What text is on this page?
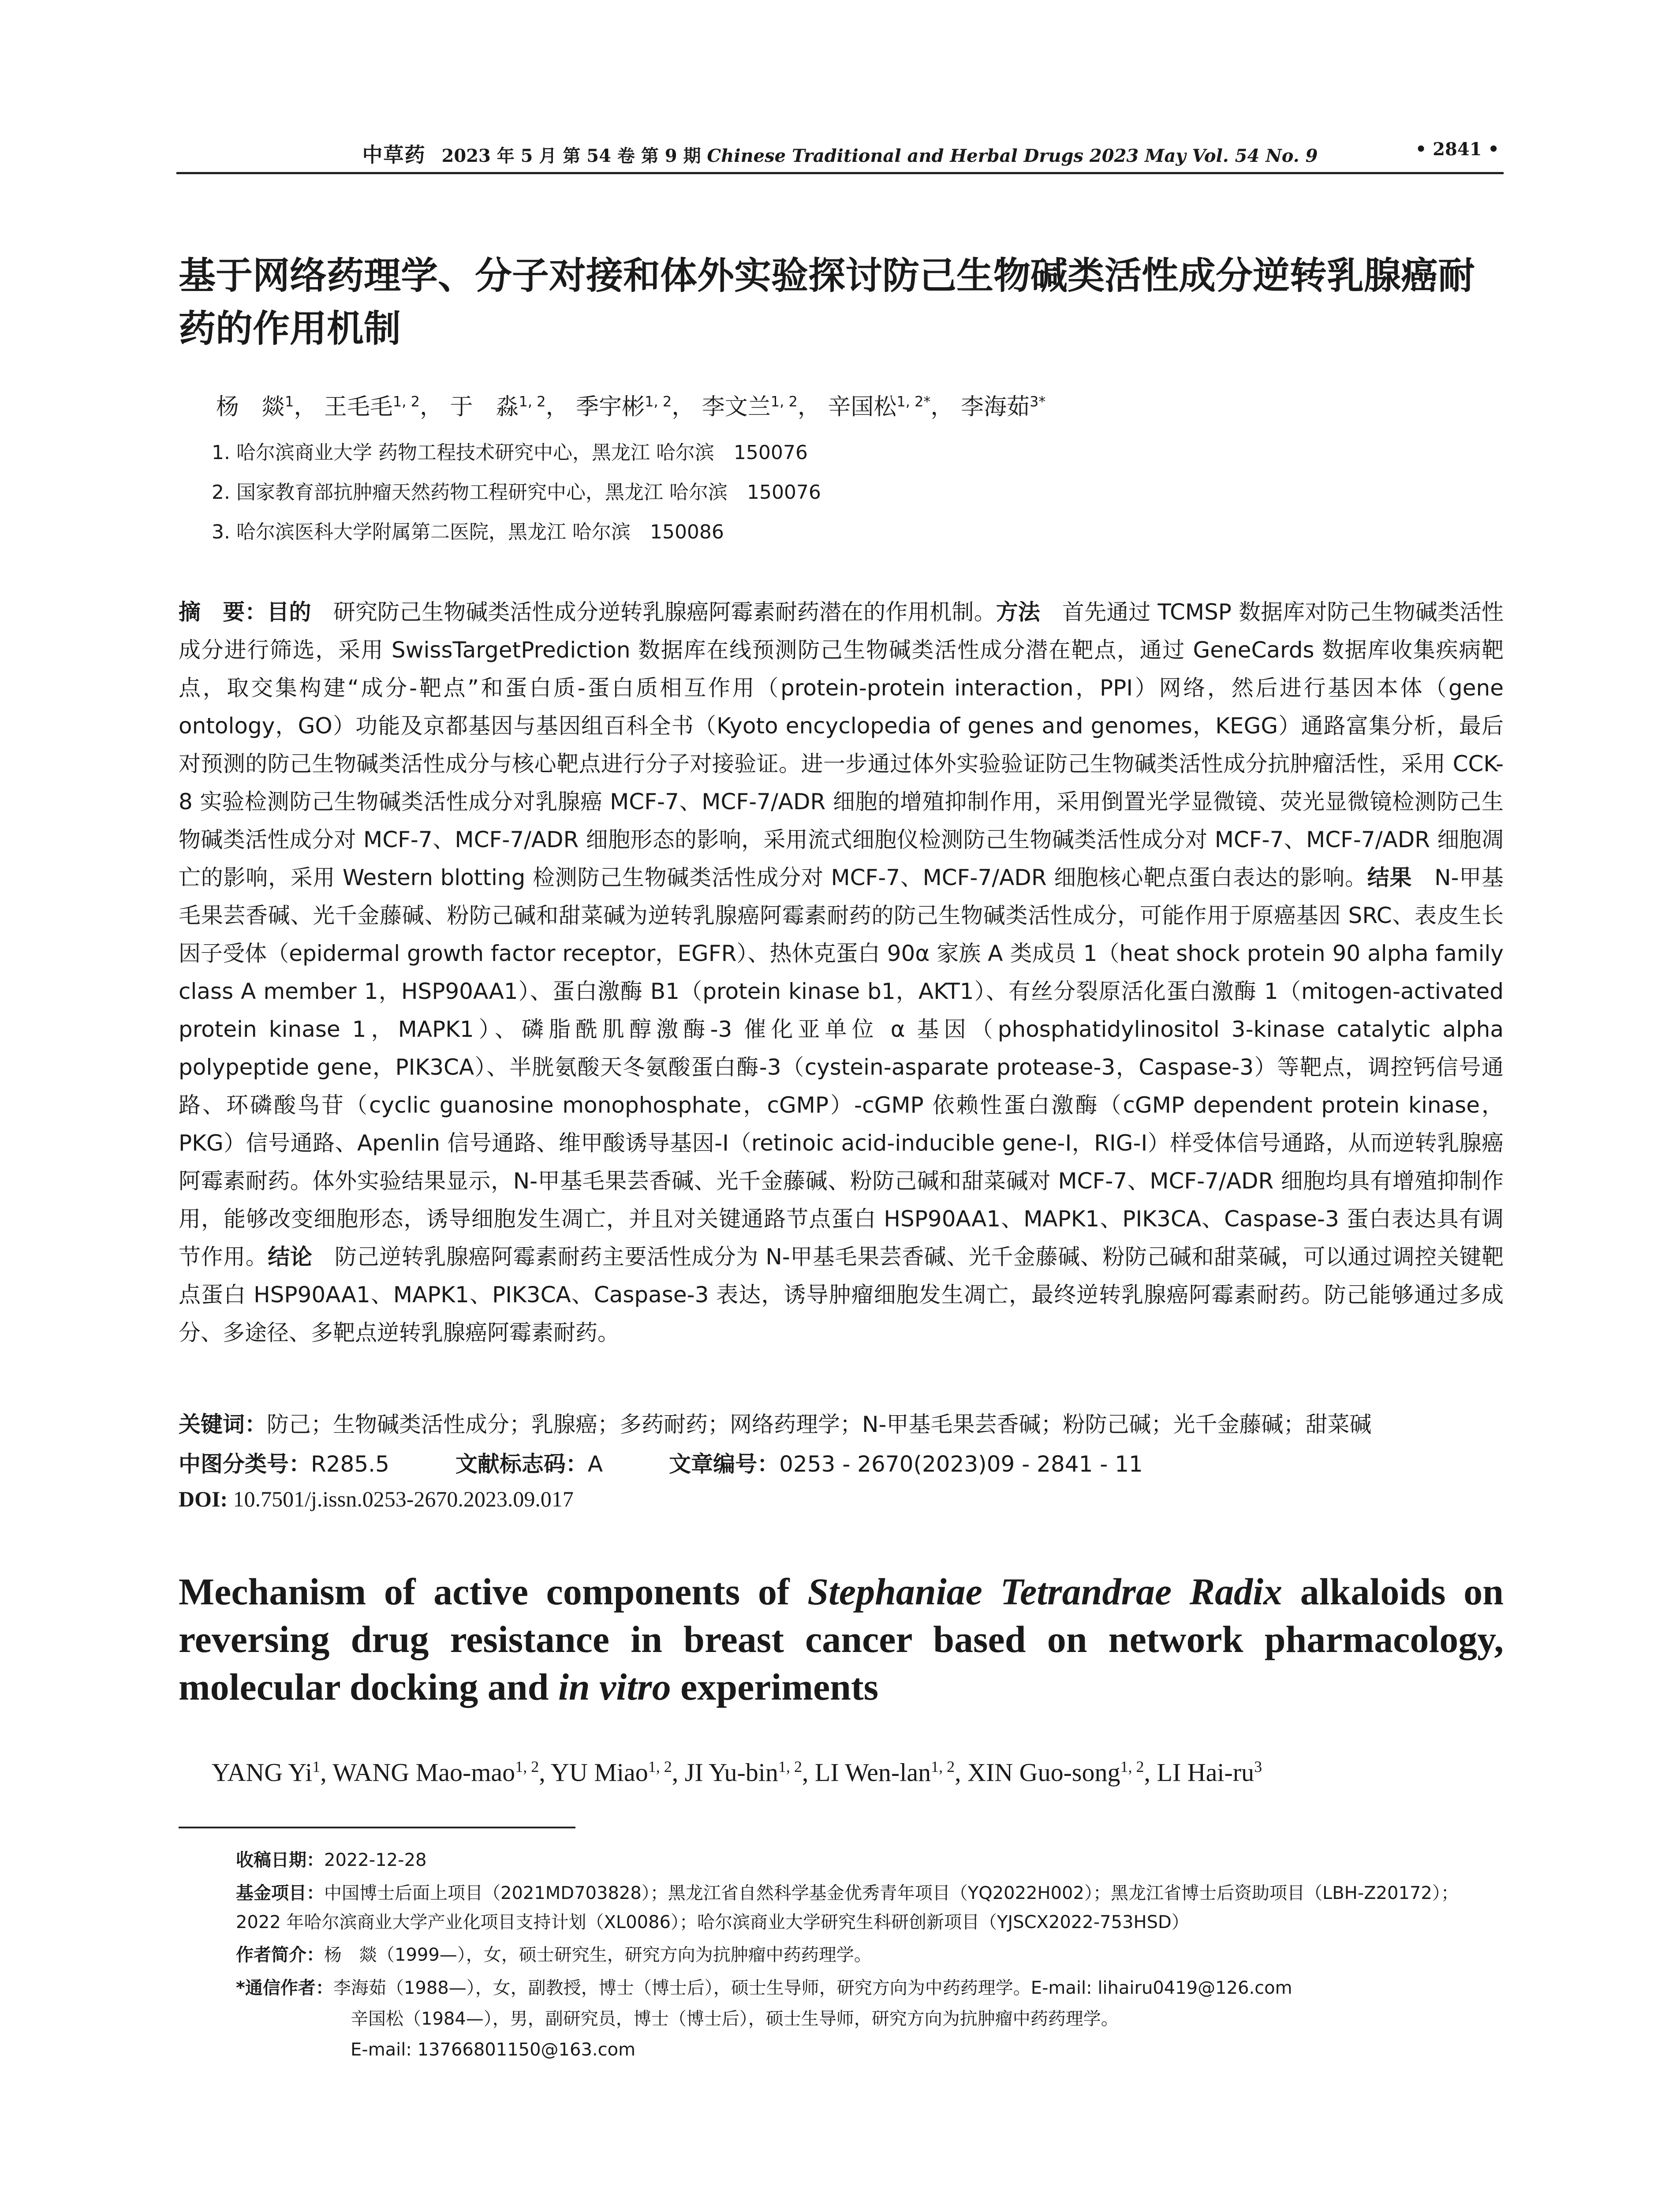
中草药 2023 年 5 月 第 54 卷 第 9 期 Chinese Traditional and Herbal Drugs 2023 May Vol. 54 No. 9	• 2841 •
基于网络药理学、分子对接和体外实验探讨防己生物碱类活性成分逆转乳腺癌耐药的作用机制
杨　燚$^1$， 王毛毛$^{1, 2}$， 于　淼$^{1, 2}$， 季宇彬$^{1, 2}$， 李文兰$^{1, 2}$， 辛国松$^{1, 2*}$， 李海茹$^{3*}$
1. 哈尔滨商业大学 药物工程技术研究中心，黑龙江 哈尔滨　150076
2. 国家教育部抗肿瘤天然药物工程研究中心，黑龙江 哈尔滨　150076
3. 哈尔滨医科大学附属第二医院，黑龙江 哈尔滨　150086
摘　要：目的　 研究防己生物碱类活性成分逆转乳腺癌阿霉素耐药潜在的作用机制。方法　 首先通过 TCMSP 数据库对防己生物碱类活性成分进行筛选，采用 SwissTargetPrediction 数据库在线预测防己生物碱类活性成分潜在靶点，通过 GeneCards 数据库收集疾病靶点，取交集构建“成分-靶点”和蛋白质-蛋白质相互作用（protein-protein interaction，PPI）网络，然后进行基因本体（gene ontology，GO）功能及京都基因与基因组百科全书（Kyoto encyclopedia of genes and genomes，KEGG）通路富集分析，最后对预测的防己生物碱类活性成分与核心靶点进行分子对接验证。进一步通过体外实验验证防己生物碱类活性成分抗肿瘤活性，采用 CCK-8 实验检测防己生物碱类活性成分对乳腺癌 MCF-7、MCF-7/ADR 细胞的增殖抑制作用，采用倒置光学显微镜、荧光显微镜检测防己生物碱类活性成分对 MCF-7、MCF-7/ADR 细胞形态的影响，采用流式细胞仪检测防己生物碱类活性成分对 MCF-7、MCF-7/ADR 细胞凋亡的影响，采用 Western blotting 检测防己生物碱类活性成分对 MCF-7、MCF-7/ADR 细胞核心靶点蛋白表达的影响。结果　 N-甲基毛果芸香碱、光千金藤碱、粉防己碱和甜菜碱为逆转乳腺癌阿霉素耐药的防己生物碱类活性成分，可能作用于原癌基因 SRC、表皮生长因子受体（epidermal growth factor receptor，EGFR）、热休克蛋白 90α 家族 A 类成员 1（heat shock protein 90 alpha family class A member 1，HSP90AA1）、蛋白激酶 B1（protein kinase b1，AKT1）、有丝分裂原活化蛋白激酶 1（mitogen-activated protein kinase 1，MAPK1）、磷脂酰肌醇激酶-3 催化亚单位 α 基因（phosphatidylinositol 3-kinase catalytic alpha polypeptide gene，PIK3CA）、半胱氨酸天冬氨酸蛋白酶-3（cystein-asparate protease-3，Caspase-3）等靶点，调控钙信号通路、环磷酸鸟苷（cyclic guanosine monophosphate，cGMP）-cGMP 依赖性蛋白激酶（cGMP dependent protein kinase，PKG）信号通路、Apenlin 信号通路、维甲酸诱导基因-I（retinoic acid-inducible gene-I，RIG-I）样受体信号通路，从而逆转乳腺癌阿霉素耐药。体外实验结果显示，N-甲基毛果芸香碱、光千金藤碱、粉防己碱和甜菜碱对 MCF-7、MCF-7/ADR 细胞均具有增殖抑制作用，能够改变细胞形态，诱导细胞发生凋亡，并且对关键通路节点蛋白 HSP90AA1、MAPK1、PIK3CA、Caspase-3 蛋白表达具有调节作用。结论　 防己逆转乳腺癌阿霉素耐药主要活性成分为 N-甲基毛果芸香碱、光千金藤碱、粉防己碱和甜菜碱，可以通过调控关键靶点蛋白 HSP90AA1、MAPK1、PIK3CA、Caspase-3 表达，诱导肿瘤细胞发生凋亡，最终逆转乳腺癌阿霉素耐药。防己能够通过多成分、多途径、多靶点逆转乳腺癌阿霉素耐药。
关键词：防己；生物碱类活性成分；乳腺癌；多药耐药；网络药理学；N-甲基毛果芸香碱；粉防己碱；光千金藤碱；甜菜碱
中图分类号：R285.5	文献标志码：A	文章编号：0253 - 2670(2023)09 - 2841 - 11
DOI: 10.7501/j.issn.0253-2670.2023.09.017
Mechanism of active components of Stephaniae Tetrandrae Radix alkaloids on reversing drug resistance in breast cancer based on network pharmacology, molecular docking and in vitro experiments
YANG Yi$^1$, WANG Mao-mao$^{1, 2}$, YU Miao$^{1, 2}$, JI Yu-bin$^{1, 2}$, LI Wen-lan$^{1, 2}$, XIN Guo-song$^{1, 2}$, LI Hai-$ru^3$
收稿日期：2022-12-28
基金项目：中国博士后面上项目（2021MD703828）；黑龙江省自然科学基金优秀青年项目（YQ2022H002）；黑龙江省博士后资助项目（LBH-Z20172）；2022 年哈尔滨商业大学产业化项目支持计划（XL0086）；哈尔滨商业大学研究生科研创新项目（YJSCX2022-753HSD）
作者简介：杨　燚（1999—），女，硕士研究生，研究方向为抗肿瘤中药药理学。
*通信作者：李海茹（1988—），女，副教授，博士（博士后），硕士生导师，研究方向为中药药理学。E-mail: lihairu0419@126.com
辛国松（1984—），男，副研究员，博士（博士后），硕士生导师，研究方向为抗肿瘤中药药理学。
E-mail: 13766801150@163.com
